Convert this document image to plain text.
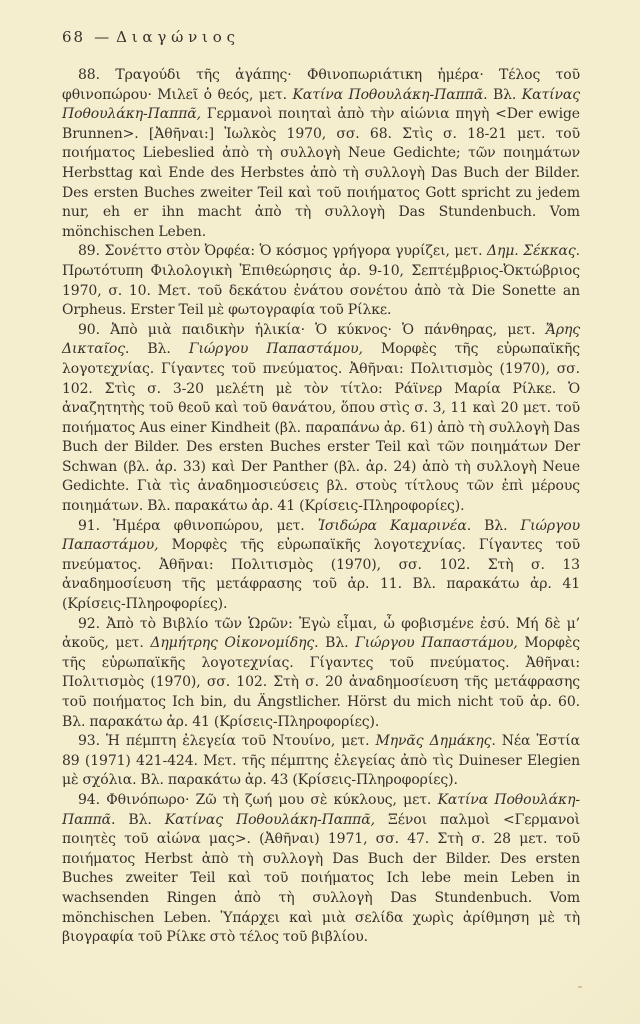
68 — Διαγώνιος

88. Τραγούδι τῆς ἀγάπης· Φθινοπωριάτικη ἡμέρα· Τέλος τοῦ φθινοπώρου· Μιλεῖ ὁ θεός, μετ. Κατίνα Ποθουλάκη-Παππᾶ. Βλ. Κατίνας Ποθουλάκη-Παππᾶ, Γερμανοὶ ποιηταὶ ἀπὸ τὴν αἰώνια πηγὴ <Der ewige Brunnen>. [Ἀθῆναι:] Ἰωλκὸς 1970, σσ. 68. Στὶς σ. 18-21 μετ. τοῦ ποιήματος Liebeslied ἀπὸ τὴ συλλογὴ Neue Gedichte; τῶν ποιημάτων Herbsttag καὶ Ende des Herbstes ἀπὸ τὴ συλλογὴ Das Buch der Bilder. Des ersten Buches zweiter Teil καὶ τοῦ ποιήματος Gott spricht zu jedem nur, eh er ihn macht ἀπὸ τὴ συλλογὴ Das Stundenbuch. Vom mönchischen Leben.

89. Σονέττο στὸν Ὀρφέα: Ὁ κόσμος γρήγορα γυρίζει, μετ. Δημ. Σέκκας. Πρωτότυπη Φιλολογικὴ Ἐπιθεώρησις ἀρ. 9-10, Σεπτέμβριος-Ὀκτώβριος 1970, σ. 10. Μετ. τοῦ δεκάτου ἐνάτου σονέτου ἀπὸ τὰ Die Sonette an Orpheus. Erster Teil μὲ φωτογραφία τοῦ Ρίλκε.

90. Ἀπὸ μιὰ παιδικὴν ἡλικία· Ὁ κύκνος· Ὁ πάνθηρας, μετ. Ἄρης Δικταῖος. Βλ. Γιώργου Παπαστάμου, Μορφὲς τῆς εὐρωπαϊκῆς λογοτεχνίας. Γίγαντες τοῦ πνεύματος. Ἀθῆναι: Πολιτισμὸς (1970), σσ. 102. Στὶς σ. 3-20 μελέτη μὲ τὸν τίτλο: Ράϊνερ Μαρία Ρίλκε. Ὁ ἀναζητητὴς τοῦ θεοῦ καὶ τοῦ θανάτου, ὅπου στὶς σ. 3, 11 καὶ 20 μετ. τοῦ ποιήματος Aus einer Kindheit (βλ. παραπάνω ἀρ. 61) ἀπὸ τὴ συλλογὴ Das Buch der Bilder. Des ersten Buches erster Teil καὶ τῶν ποιημάτων Der Schwan (βλ. ἀρ. 33) καὶ Der Panther (βλ. ἀρ. 24) ἀπὸ τὴ συλλογὴ Neue Gedichte. Γιὰ τὶς ἀναδημοσιεύσεις βλ. στοὺς τίτλους τῶν ἐπὶ μέρους ποιημάτων. Βλ. παρακάτω ἀρ. 41 (Κρίσεις-Πληροφορίες).

91. Ἡμέρα φθινοπώρου, μετ. Ἰσιδώρα Καμαρινέα. Βλ. Γιώργου Παπαστάμου, Μορφὲς τῆς εὐρωπαϊκῆς λογοτεχνίας. Γίγαντες τοῦ πνεύματος. Ἀθῆναι: Πολιτισμὸς (1970), σσ. 102. Στὴ σ. 13 ἀναδημοσίευση τῆς μετάφρασης τοῦ ἀρ. 11. Βλ. παρακάτω ἀρ. 41 (Κρίσεις-Πληροφορίες).

92. Ἀπὸ τὸ Βιβλίο τῶν Ὡρῶν: Ἐγὼ εἶμαι, ὦ φοβισμένε ἐσύ. Μή δὲ μ’ ἀκοῦς, μετ. Δημήτρης Οἰκονομίδης. Βλ. Γιώργου Παπαστάμου, Μορφὲς τῆς εὐρωπαϊκῆς λογοτεχνίας. Γίγαντες τοῦ πνεύματος. Ἀθῆναι: Πολιτισμὸς (1970), σσ. 102. Στὴ σ. 20 ἀναδημοσίευση τῆς μετάφρασης τοῦ ποιήματος Ich bin, du Ängstlicher. Hörst du mich nicht τοῦ ἀρ. 60. Βλ. παρακάτω ἀρ. 41 (Κρίσεις-Πληροφορίες).

93. Ἡ πέμπτη ἐλεγεία τοῦ Ντουίνο, μετ. Μηνᾶς Δημάκης. Νέα Ἑστία 89 (1971) 421-424. Μετ. τῆς πέμπτης ἐλεγείας ἀπὸ τὶς Duineser Elegien μὲ σχόλια. Βλ. παρακάτω ἀρ. 43 (Κρίσεις-Πληροφορίες).

94. Φθινόπωρο· Ζῶ τὴ ζωή μου σὲ κύκλους, μετ. Κατίνα Ποθουλάκη-Παππᾶ. Βλ. Κατίνας Ποθουλάκη-Παππᾶ, Ξένοι παλμοὶ <Γερμανοὶ ποιητὲς τοῦ αἰώνα μας>. (Ἀθῆναι) 1971, σσ. 47. Στὴ σ. 28 μετ. τοῦ ποιήματος Herbst ἀπὸ τὴ συλλογὴ Das Buch der Bilder. Des ersten Buches zweiter Teil καὶ τοῦ ποιήματος Ich lebe mein Leben in wachsenden Ringen ἀπὸ τὴ συλλογὴ Das Stundenbuch. Vom mönchischen Leben. Ὑπάρχει καὶ μιὰ σελίδα χωρὶς ἀρίθμηση μὲ τὴ βιογραφία τοῦ Ρίλκε στὸ τέλος τοῦ βιβλίου.
